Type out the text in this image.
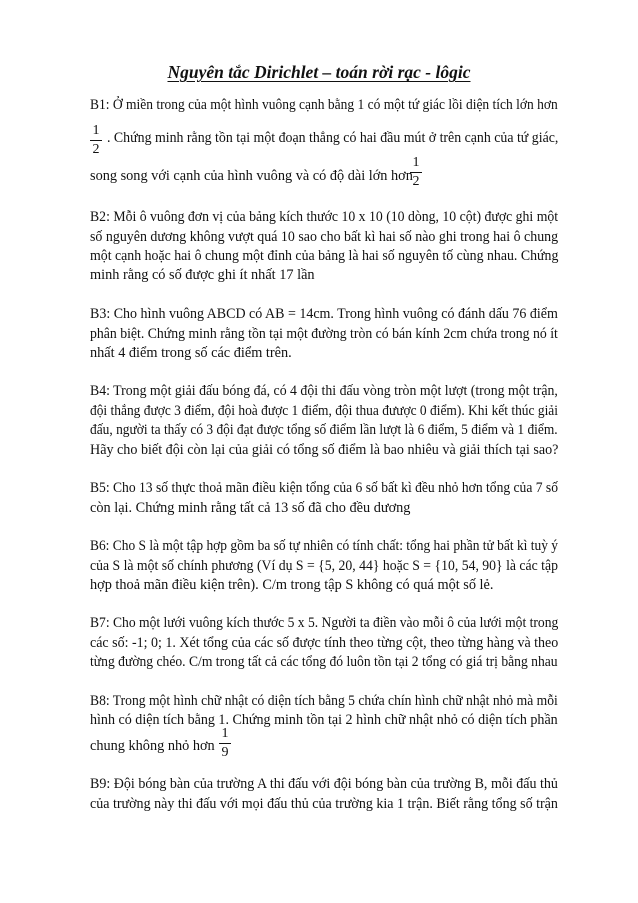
Nguyên tắc Dirichlet – toán rời rạc - lôgic
B1: Ở miền trong của một hình vuông cạnh bằng 1 có một tứ giác lồi diện tích lớn hơn
1
2
. Chứng minh rằng tồn tại một đoạn thẳng có hai đầu mút ở trên cạnh của tứ giác,
song song với cạnh của hình vuông và có độ dài lớn hơn
1
2
B2: Mỗi ô vuông đơn vị của bảng kích thước 10 x 10 (10 dòng, 10 cột) được ghi một
số nguyên dương không vượt quá 10 sao cho bất kì hai số nào ghi trong hai ô chung
một cạnh hoặc hai ô chung một đỉnh của bảng là hai số nguyên tố cùng nhau. Chứng
minh rằng có số được ghi ít nhất 17 lần
B3: Cho hình vuông ABCD có AB = 14cm. Trong hình vuông có đánh dấu 76 điểm
phân biệt. Chứng minh rằng tồn tại một đường tròn có bán kính 2cm chứa trong nó ít
nhất 4 điểm trong số các điểm trên.
B4: Trong một giải đấu bóng đá, có 4 đội thi đấu vòng tròn một lượt (trong một trận,
đội thắng được 3 điểm, đội hoà được 1 điểm, đội thua đưược 0 điểm). Khi kết thúc giải
đấu, người ta thấy có 3 đội đạt được tổng số điểm lần lượt là 6 điểm, 5 điểm và 1 điểm.
Hãy cho biết đội còn lại của giải có tổng số điểm là bao nhiêu và giải thích tại sao?
B5: Cho 13 số thực thoả mãn điều kiện tổng của 6 số bất kì đều nhỏ hơn tổng của 7 số
còn lại. Chứng minh rằng tất cả 13 số đã cho đều dương
B6: Cho S là một tập hợp gồm ba số tự nhiên có tính chất: tổng hai phần tử bất kì tuỳ ý
của S là một số chính phương (Ví dụ S = {5, 20, 44} hoặc S = {10, 54, 90} là các tập
hợp thoả mãn điều kiện trên). C/m trong tập S không có quá một số lẻ.
B7: Cho một lưới vuông kích thước 5 x 5. Người ta điền vào mỗi ô của lưới một trong
các số: -1; 0; 1. Xét tổng của các số được tính theo từng cột, theo từng hàng và theo
từng đường chéo. C/m trong tất cả các tổng đó luôn tồn tại 2 tổng có giá trị bằng nhau
B8: Trong một hình chữ nhật có diện tích bằng 5 chứa chín hình chữ nhật nhỏ mà mỗi
hình có diện tích bằng 1. Chứng minh tồn tại 2 hình chữ nhật nhỏ có diện tích phần
chung không nhỏ hơn
1
9
B9: Đội bóng bàn của trường A thi đấu với đội bóng bàn của trường B, mỗi đấu thủ
của trường này thi đấu với mọi đấu thủ của trường kia 1 trận. Biết rằng tổng số trận
